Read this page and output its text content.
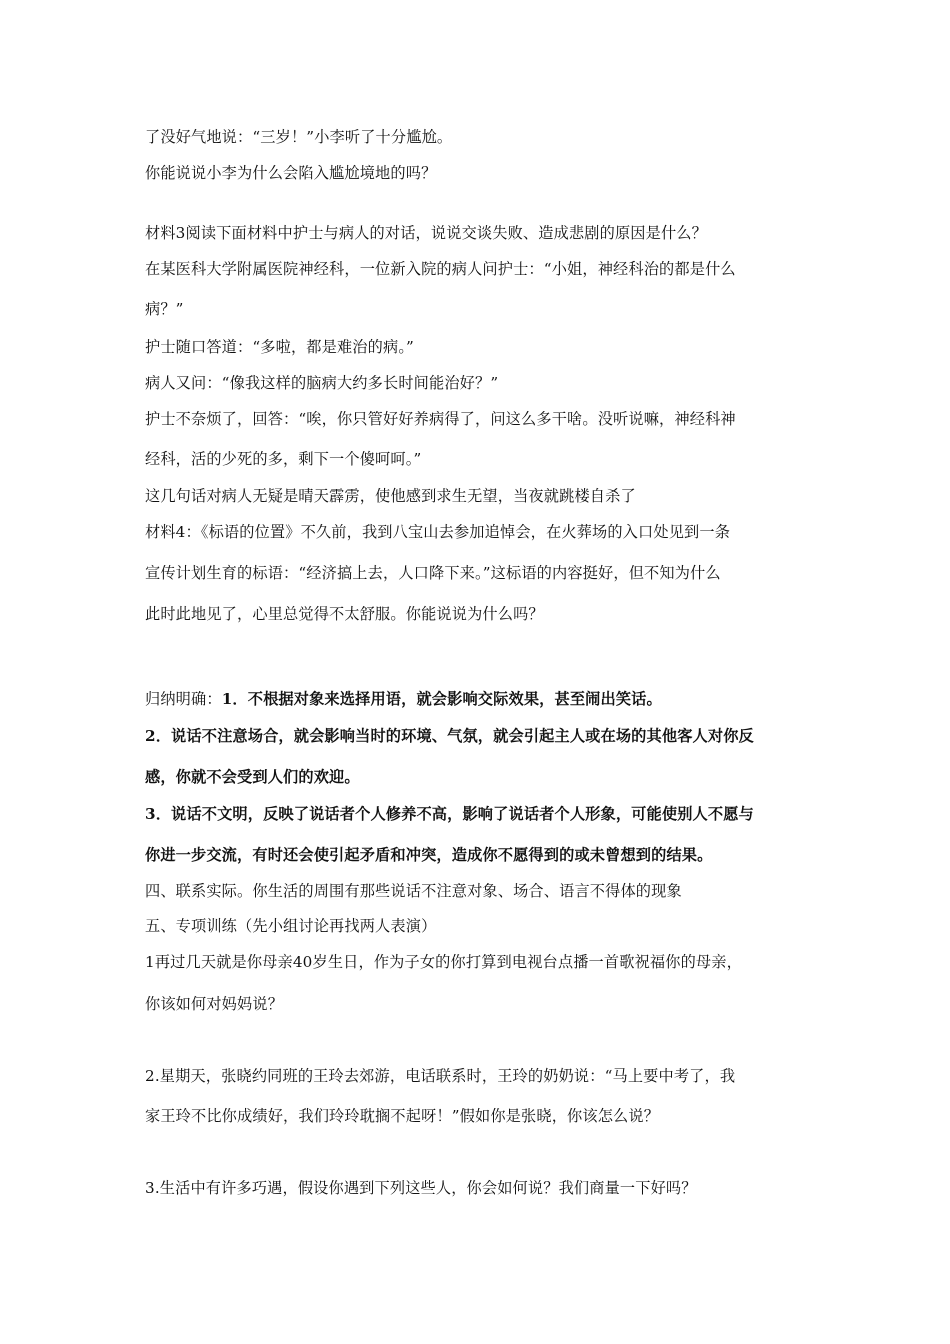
了没好气地说：“三岁！”小李听了十分尴尬。
你能说说小李为什么会陷入尴尬境地的吗？
材料3阅读下面材料中护士与病人的对话，说说交谈失败、造成悲剧的原因是什么？
在某医科大学附属医院神经科，一位新入院的病人问护士：“小姐，神经科治的都是什么
病？”
护士随口答道：“多啦，都是难治的病。”
病人又问：“像我这样的脑病大约多长时间能治好？”
护士不奈烦了，回答：“唉，你只管好好养病得了，问这么多干啥。没听说嘛，神经科神
经科，活的少死的多，剩下一个傻呵呵。”
这几句话对病人无疑是晴天霹雳，使他感到求生无望，当夜就跳楼自杀了
材料4：《标语的位置》不久前，我到八宝山去参加追悼会，在火葬场的入口处见到一条
宣传计划生育的标语：“经济搞上去，人口降下来。”这标语的内容挺好，但不知为什么
此时此地见了，心里总觉得不太舒服。你能说说为什么吗？
归纳明确：1．不根据对象来选择用语，就会影响交际效果，甚至闹出笑话。
2．说话不注意场合，就会影响当时的环境、气氛，就会引起主人或在场的其他客人对你反
感，你就不会受到人们的欢迎。
3．说话不文明，反映了说话者个人修养不高，影响了说话者个人形象，可能使别人不愿与
你进一步交流，有时还会使引起矛盾和冲突，造成你不愿得到的或未曾想到的结果。
四、联系实际。你生活的周围有那些说话不注意对象、场合、语言不得体的现象
五、专项训练（先小组讨论再找两人表演）
1再过几天就是你母亲40岁生日，作为子女的你打算到电视台点播一首歌祝福你的母亲，
你该如何对妈妈说？
2.星期天，张晓约同班的王玲去郊游，电话联系时，王玲的奶奶说：“马上要中考了，我
家王玲不比你成绩好，我们玲玲耽搁不起呀！”假如你是张晓，你该怎么说？
3.生活中有许多巧遇，假设你遇到下列这些人，你会如何说？我们商量一下好吗？
